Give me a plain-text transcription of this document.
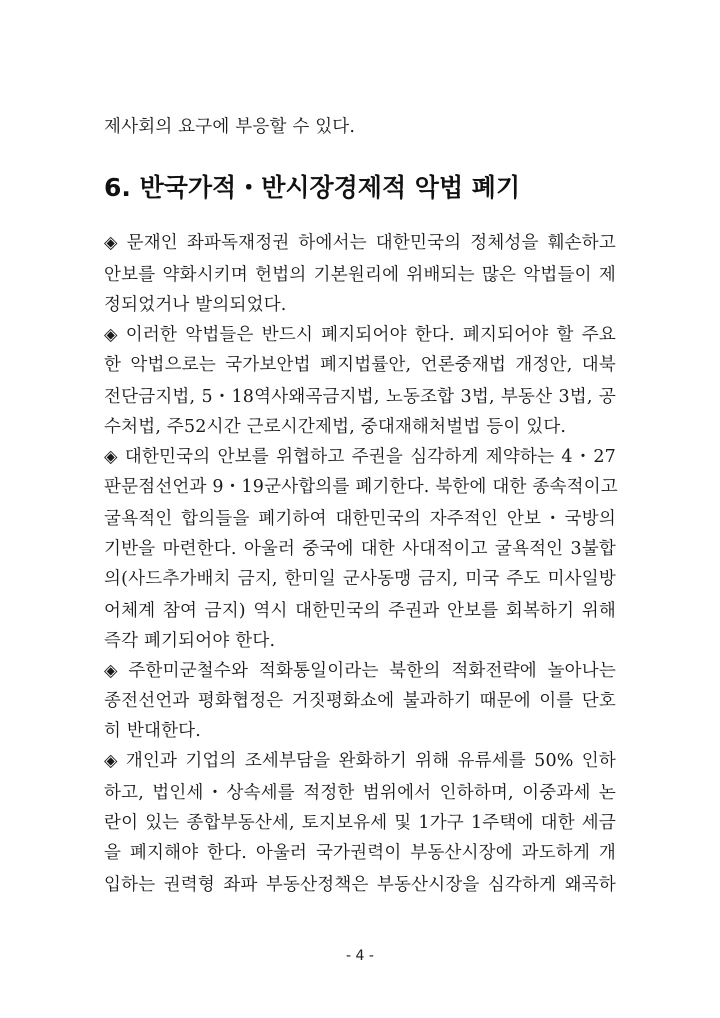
제사회의 요구에 부응할 수 있다.
6. 반국가적・반시장경제적 악법 폐기
◈ 문재인 좌파독재정권 하에서는 대한민국의 정체성을 훼손하고
안보를 약화시키며 헌법의 기본원리에 위배되는 많은 악법들이 제
정되었거나 발의되었다.
◈ 이러한 악법들은 반드시 폐지되어야 한다. 폐지되어야 할 주요
한 악법으로는 국가보안법 폐지법률안, 언론중재법 개정안, 대북
전단금지법, 5・18역사왜곡금지법, 노동조합 3법, 부동산 3법, 공
수처법, 주52시간 근로시간제법, 중대재해처벌법 등이 있다.
◈ 대한민국의 안보를 위협하고 주권을 심각하게 제약하는 4・27
판문점선언과 9・19군사합의를 폐기한다. 북한에 대한 종속적이고
굴욕적인 합의들을 폐기하여 대한민국의 자주적인 안보・국방의
기반을 마련한다. 아울러 중국에 대한 사대적이고 굴욕적인 3불합
의(사드추가배치 금지, 한미일 군사동맹 금지, 미국 주도 미사일방
어체계 참여 금지) 역시 대한민국의 주권과 안보를 회복하기 위해
즉각 폐기되어야 한다.
◈ 주한미군철수와 적화통일이라는 북한의 적화전략에 놀아나는
종전선언과 평화협정은 거짓평화쇼에 불과하기 때문에 이를 단호
히 반대한다.
◈ 개인과 기업의 조세부담을 완화하기 위해 유류세를 50% 인하
하고, 법인세・상속세를 적정한 범위에서 인하하며, 이중과세 논
란이 있는 종합부동산세, 토지보유세 및 1가구 1주택에 대한 세금
을 폐지해야 한다. 아울러 국가권력이 부동산시장에 과도하게 개
입하는 권력형 좌파 부동산정책은 부동산시장을 심각하게 왜곡하
- 4 -
